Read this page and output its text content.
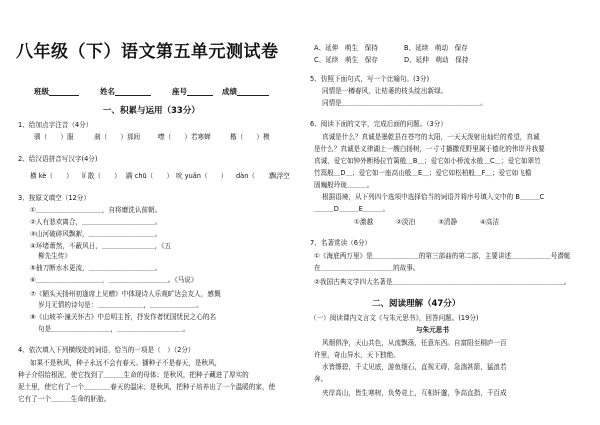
八年级（下）语文第五单元测试卷
班级	姓名	座号	成绩
一、积累与运用（33分）
1、给加点字注音（4分）
驯（　　）服	刹（　　）那间	噤（　　）若寒蝉	楷（　　）模
2、给汉语拼音写汉字(4分)
横 kè（　　） lí 散（　　） 蹒 chū（　　） 吮 yuǎn（　　） dàn（　　）
飘浮空
3、按原文填空（12分）
①＿＿＿＿＿＿＿＿＿＿，自将磨洗认前朝。
②人有悲欢离合，＿＿＿＿＿＿＿＿＿＿＿。
③山河破碎风飘絮，＿＿＿＿＿＿＿＿＿＿。
④环堵萧然，不蔽风日，＿＿＿＿＿＿＿＿，《五
柳先生传》
⑤抽刀断水水更流，＿＿＿＿＿＿＿＿＿＿。
⑥＿＿＿＿＿＿＿＿＿＿，＿＿＿＿＿＿＿＿＿。《马说》
⑦《陋头天扬州初逢席上见赠》中体现诗人乐观旷达会友人，感慨
岁月无情的诗句是：＿＿＿＿＿＿＿，＿＿＿＿＿＿＿。
⑧《山坡羊·潼关怀古》中总明主旨，抒发作者忧国忧民之心的名
句是＿＿＿＿＿＿＿＿＿，＿＿＿＿＿＿＿＿＿＿。
4、依次填入下列横线处的词语，恰当的一项是（　）（2分）
如果不是秋风，种子永远不会有春天。播种子不是春天，是秋风，
种子介绍给根泥，使它找到了＿＿＿生命的母体；是秋风，把种子藏进了厚实的
泥土里，使它有了一个＿＿＿＿春天的温床；是秋风，把种子培养出了一个温暖的家，使
它有了一个＿＿＿生命的胚胎。
A、延伸　萌生　保持	B、延续　萌动　保存
C、延续　萌生　保存	D、延伸　萌动　保持
5、仿照下面句式，写一个比喻句。(3分)
同情是一樽春风，让枯萎的枝头绽出新绿。
同情是＿＿＿＿＿＿＿＿＿＿＿＿＿＿＿＿＿＿＿＿＿。
6、阅读下面的文字，完成后面的问题。（3分）
真诚是什么？真诚是墨乾县在苍穹的太阳，一天天泼射出灿烂的希望，真诚
是什么？真诚是义律湖上一艘白扬树，一寸寸播撒荒野里属于德化的伟岸升我要
真诚，爱它如钟外断杨拉竹篱般＿B＿；爱它如小桥流水般＿C＿；爱它如翠竹
竹篙般＿D＿；爱它如一座高山般＿E＿；爱它如松柏般＿F＿；爱它如飞檐
固巍般玲珑＿＿＿。
根据语境，从下列四个选项中选择恰当的词语并将序号填入文中的 B＿＿＿C
＿＿＿D＿＿＿E＿＿＿。
①激越	②淡泊	③清静	④高洁
7、名著赏读（6分）
①《海底两万里》是＿＿＿＿＿＿＿的第三部曲的第二部，主要讲述＿＿＿＿＿＿号潜艇
在＿＿＿＿＿＿＿＿＿＿＿的故事。
②我国古典文学四大名著是＿＿＿＿＿＿＿＿＿＿＿＿＿＿＿＿＿＿＿＿＿＿＿＿＿＿。
二、阅读理解（47分）
（一）阅读课内文言文《与朱元思书》，回答问题。(19分)
与朱元思书
风烟俱净，天山共色，从流飘荡，任意东西。自富阳至桐庐一百
许里，奇山异水，天下独绝。
水皆缥碧，千丈见底，游鱼细石，直视无碍，急湍甚箭，猛浪若
奔。
夹岸高山，皆生寒树，负势竞上，互相轩邈，争高直指，千百成
